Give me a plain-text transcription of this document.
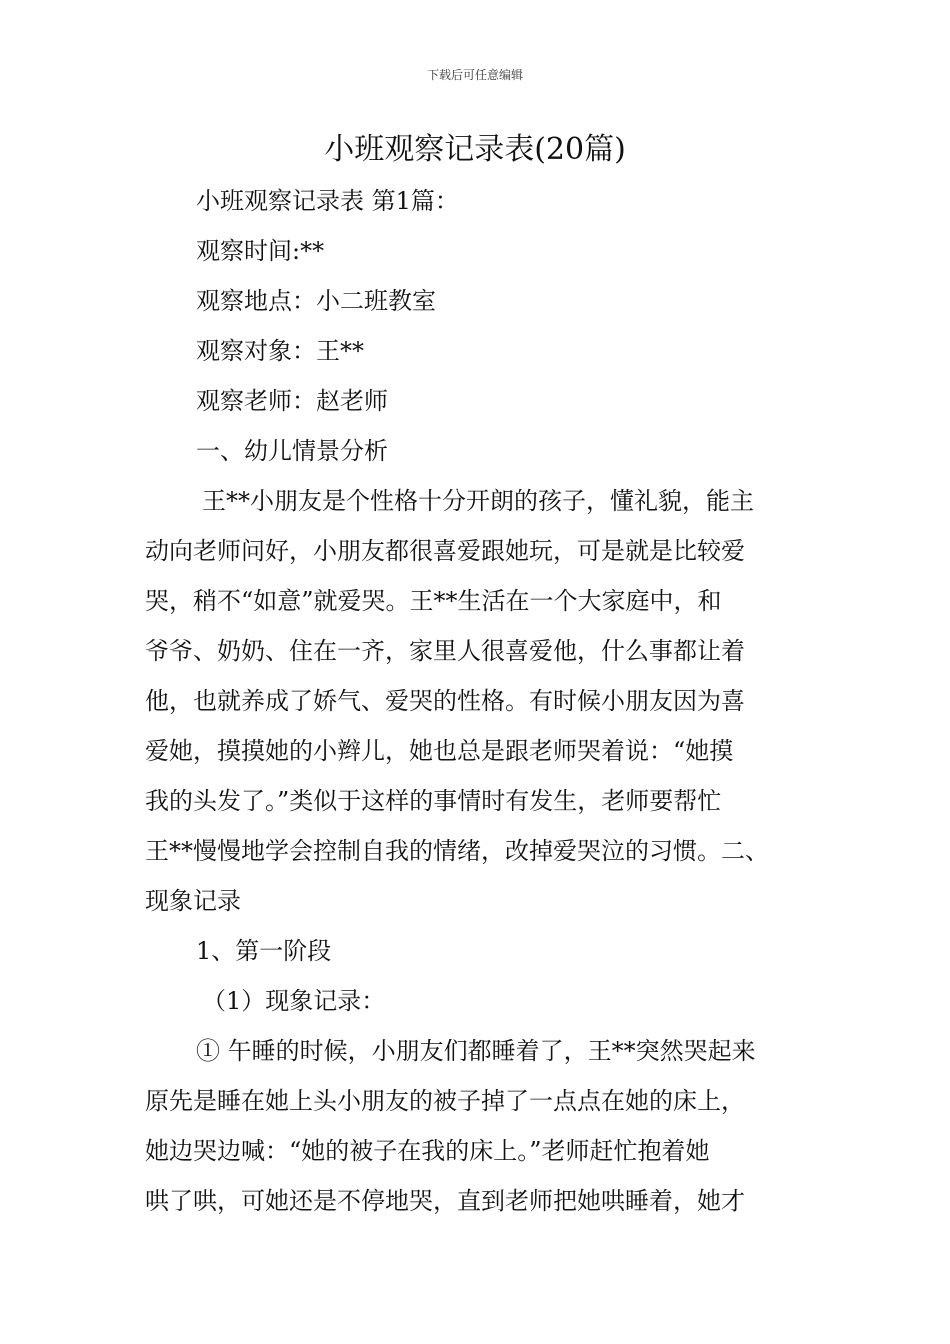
下载后可任意编辑
小班观察记录表(20篇)
小班观察记录表 第1篇：
观察时间:**
观察地点：小二班教室
观察对象：王**
观察老师：赵老师
一、幼儿情景分析
王**小朋友是个性格十分开朗的孩子，懂礼貌，能主
动向老师问好，小朋友都很喜爱跟她玩，可是就是比较爱
哭，稍不“如意”就爱哭。王**生活在一个大家庭中，和
爷爷、奶奶、住在一齐，家里人很喜爱他，什么事都让着
他，也就养成了娇气、爱哭的性格。有时候小朋友因为喜
爱她，摸摸她的小辫儿，她也总是跟老师哭着说：“她摸
我的头发了。”类似于这样的事情时有发生，老师要帮忙
王**慢慢地学会控制自我的情绪，改掉爱哭泣的习惯。二、
现象记录
1、第一阶段
（1）现象记录：
① 午睡的时候，小朋友们都睡着了，王**突然哭起来
原先是睡在她上头小朋友的被子掉了一点点在她的床上，
她边哭边喊：“她的被子在我的床上。”老师赶忙抱着她
哄了哄，可她还是不停地哭，直到老师把她哄睡着，她才
